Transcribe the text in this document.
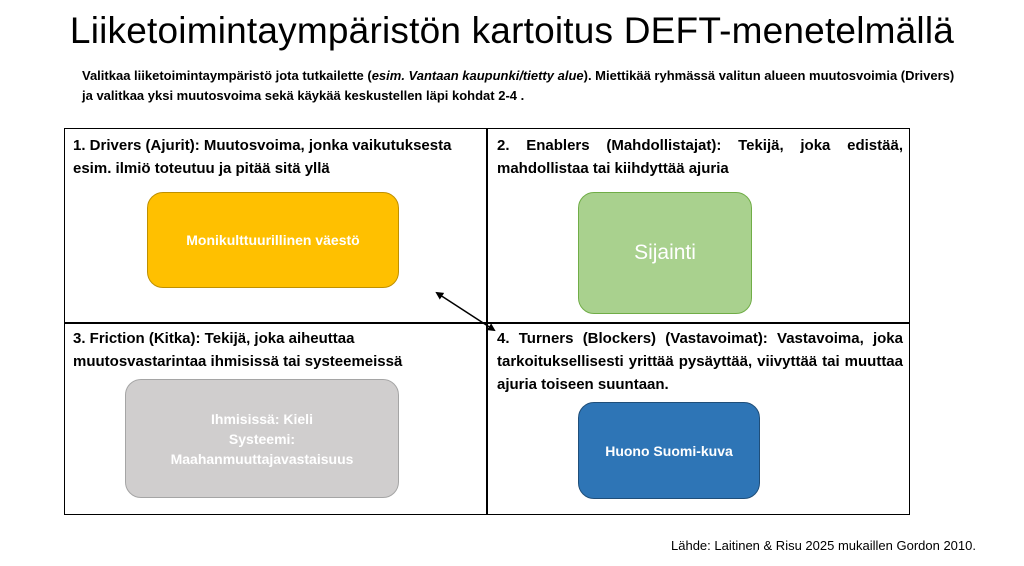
Liiketoimintaympäristön kartoitus DEFT-menetelmällä
Valitkaa liiketoimintaympäristö jota tutkailette (esim. Vantaan kaupunki/tietty alue). Miettikää ryhmässä valitun alueen muutosvoimia (Drivers) ja valitkaa yksi muutosvoima sekä käykää keskustellen läpi kohdat 2-4 .
1. Drivers (Ajurit): Muutosvoima, jonka vaikutuksesta esim. ilmiö toteutuu ja pitää sitä yllä
Monikulttuurillinen väestö
2. Enablers (Mahdollistajat): Tekijä, joka edistää, mahdollistaa tai kiihdyttää ajuria
Sijainti
3. Friction (Kitka): Tekijä, joka aiheuttaa muutosvastarintaa ihmisissä tai systeemeissä
Ihmisissä: Kieli
Systeemi:
Maahanmuuttajavastaisuus
4. Turners (Blockers) (Vastavoimat): Vastavoima, joka tarkoituksellisesti yrittää pysäyttää, viivyttää tai muuttaa ajuria toiseen suuntaan.
Huono Suomi-kuva
Lähde: Laitinen & Risu 2025 mukaillen Gordon 2010.
